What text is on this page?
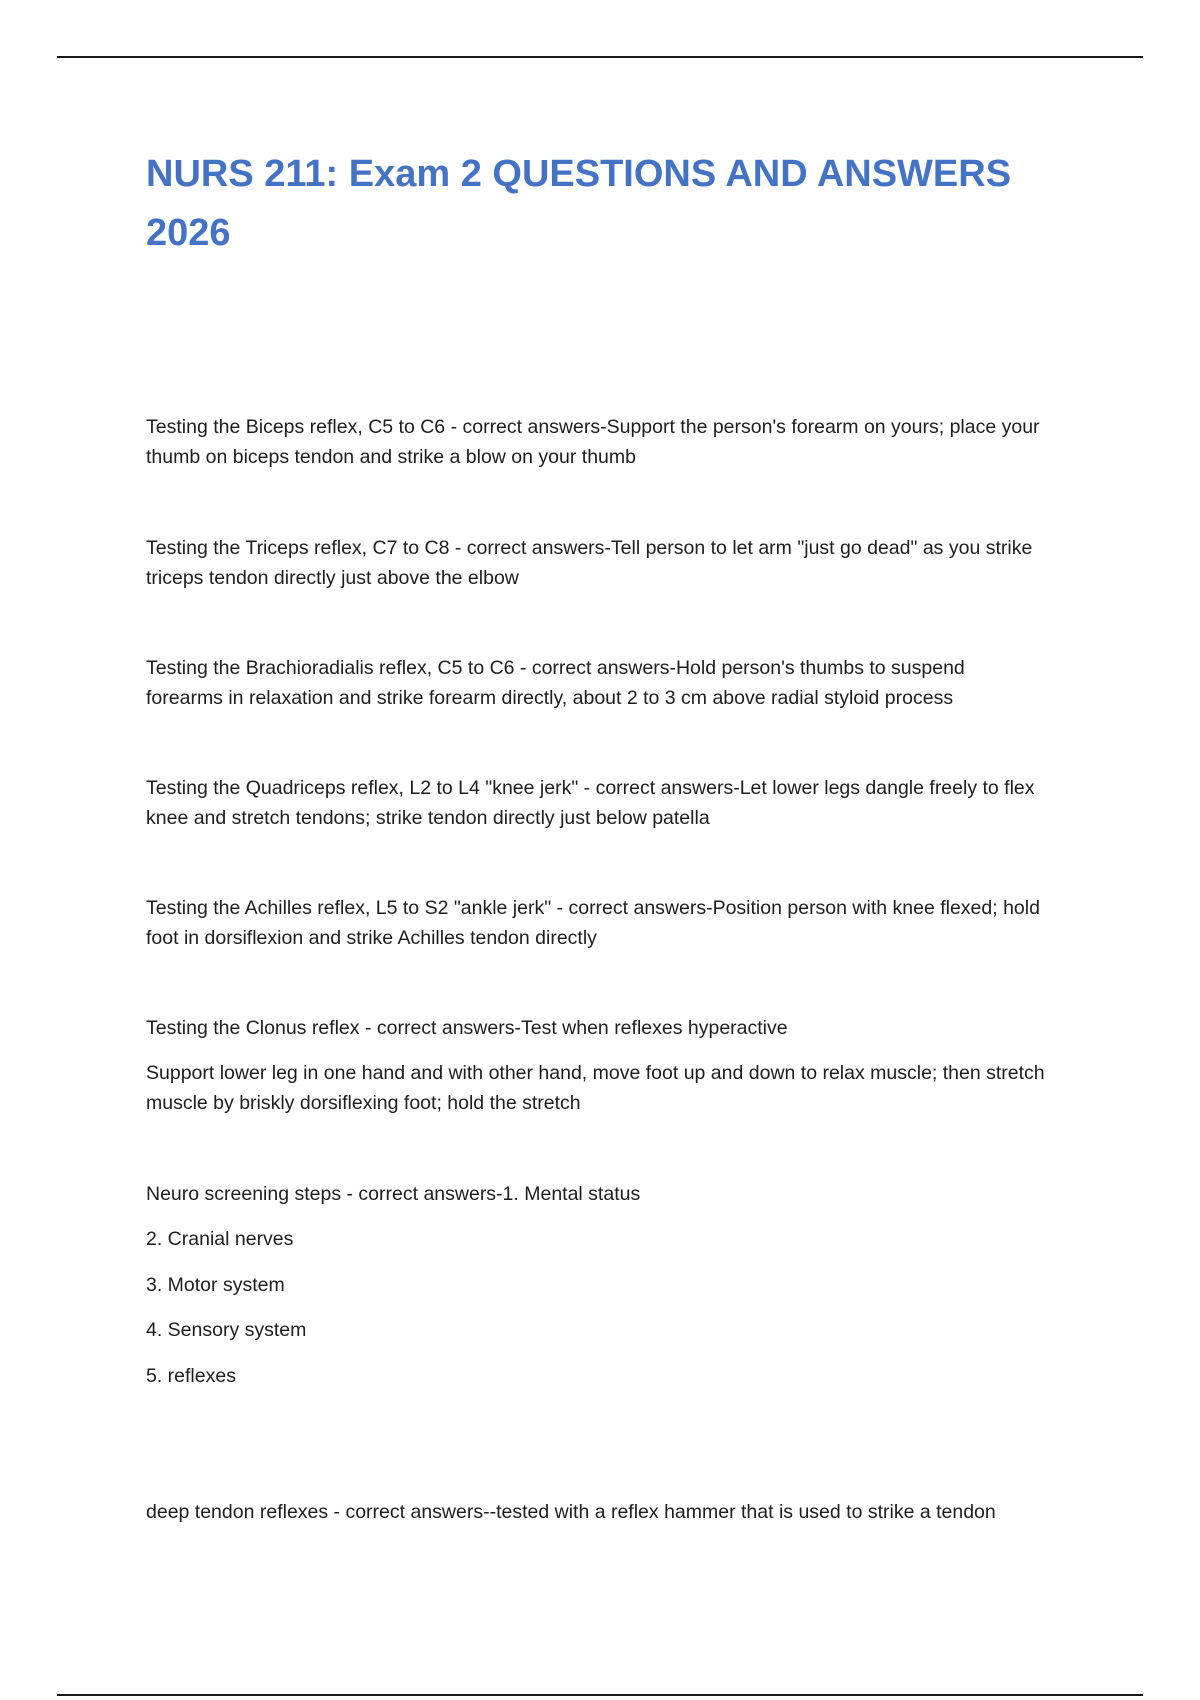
NURS 211: Exam 2 QUESTIONS AND ANSWERS 2026

Testing the Biceps reflex, C5 to C6 - correct answers-Support the person's forearm on yours; place your thumb on biceps tendon and strike a blow on your thumb

Testing the Triceps reflex, C7 to C8 - correct answers-Tell person to let arm "just go dead" as you strike triceps tendon directly just above the elbow

Testing the Brachioradialis reflex, C5 to C6 - correct answers-Hold person's thumbs to suspend forearms in relaxation and strike forearm directly, about 2 to 3 cm above radial styloid process

Testing the Quadriceps reflex, L2 to L4 "knee jerk" - correct answers-Let lower legs dangle freely to flex knee and stretch tendons; strike tendon directly just below patella

Testing the Achilles reflex, L5 to S2 "ankle jerk" - correct answers-Position person with knee flexed; hold foot in dorsiflexion and strike Achilles tendon directly

Testing the Clonus reflex - correct answers-Test when reflexes hyperactive

Support lower leg in one hand and with other hand, move foot up and down to relax muscle; then stretch muscle by briskly dorsiflexing foot; hold the stretch

Neuro screening steps - correct answers-1. Mental status

2. Cranial nerves

3. Motor system

4. Sensory system

5. reflexes

deep tendon reflexes - correct answers--tested with a reflex hammer that is used to strike a tendon
